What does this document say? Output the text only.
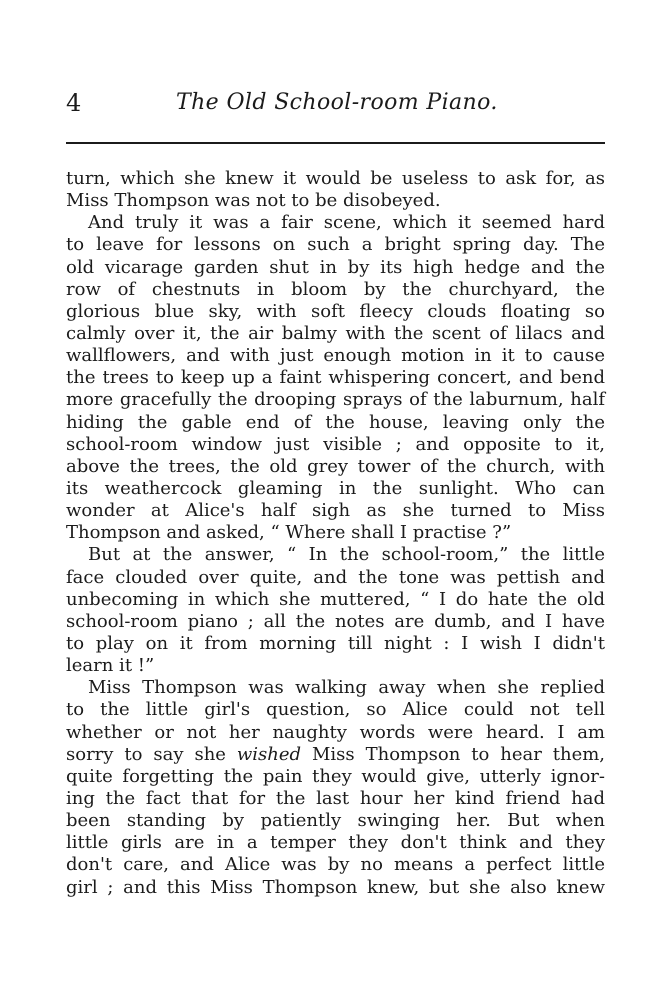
4	The Old School-room Piano.
turn, which she knew it would be useless to ask for, as
Miss Thompson was not to be disobeyed.
And truly it was a fair scene, which it seemed hard
to leave for lessons on such a bright spring day. The
old vicarage garden shut in by its high hedge and the
row of chestnuts in bloom by the churchyard, the
glorious blue sky, with soft fleecy clouds floating so
calmly over it, the air balmy with the scent of lilacs and
wallflowers, and with just enough motion in it to cause
the trees to keep up a faint whispering concert, and bend
more gracefully the drooping sprays of the laburnum, half
hiding the gable end of the house, leaving only the
school-room window just visible ; and opposite to it,
above the trees, the old grey tower of the church, with
its weathercock gleaming in the sunlight. Who can
wonder at Alice's half sigh as she turned to Miss
Thompson and asked, “ Where shall I practise ?”
But at the answer, “ In the school-room,” the little
face clouded over quite, and the tone was pettish and
unbecoming in which she muttered, “ I do hate the old
school-room piano ; all the notes are dumb, and I have
to play on it from morning till night : I wish I didn't
learn it !”
Miss Thompson was walking away when she replied
to the little girl's question, so Alice could not tell
whether or not her naughty words were heard. I am
sorry to say she wished Miss Thompson to hear them,
quite forgetting the pain they would give, utterly ignor-
ing the fact that for the last hour her kind friend had
been standing by patiently swinging her. But when
little girls are in a temper they don't think and they
don't care, and Alice was by no means a perfect little
girl ; and this Miss Thompson knew, but she also knew
